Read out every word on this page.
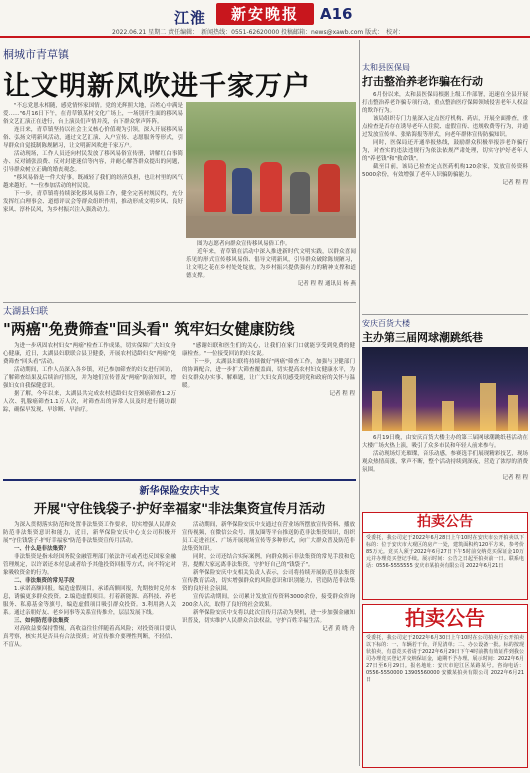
江淮	新安晚报	A16
2022.06.21 星期二 责任编辑：　新闻热线：0551-62620000 投稿邮箱：news@xawb.com 版式：　校对：
桐城市青草镇
让文明新风吹进千家万户

"不忘党恩永相随，感党情怀家国情。党的光辉照大地，百姓心中满是爱……"6月16日下午，在青草镇某村文化广场上，一场别开生面的移风易俗文艺汇演正在进行，台上演员们声情并茂，台下群众掌声阵阵。

连日来，青草镇坚持以社会主义核心价值观为引领，深入开展移风易俗、弘扬文明新风活动，通过文艺汇演、入户宣传、志愿服务等形式，引导群众自觉抵制陈规陋习，让文明新风吹进千家万户。

活动现场，工作人员还向村民发放了移风易俗宣传册，讲解红白事简办、反对铺张浪费、反对封建迷信等内容，并耐心解答群众提出的问题，引导群众树立正确的婚丧观念。

"移风易俗是一件大好事，既减轻了我们的经济负担，也让村里的风气越来越好。"一位参加活动的村民说。

下一步，青草镇将持续深化移风易俗工作，健全完善村规民约，充分发挥红白理事会、道德评议会等群众组织作用，推动形成文明乡风、良好家风、淳朴民风，为乡村振兴注入强劲动力。

图为志愿者向群众宣传移风易俗工作。

近年来，青草镇在活动中深入推进新时代文明实践，以群众喜闻乐见的形式宣传移风易俗、倡导文明新风，引导群众破除陈规陋习，让文明之花在乡村处处绽放，为乡村振兴提供强有力的精神支撑和道德支撑。

记者 程 程 通讯员 杨 燕
太湖县妇联
"两癌"免费筛查"回头看" 筑牢妇女健康防线

为进一步巩固农村妇女"两癌"检查工作成果，切实保障广大妇女身心健康，近日，太湖县妇联联合县卫健委，开展农村适龄妇女"两癌"免费筛查"回头看"活动。

活动期间，工作人员深入各乡镇，对已参加筛查的妇女进行回访，了解筛查结果及后续治疗情况，并为她们宣传普及"两癌"防治知识，增强妇女自我保健意识。

据了解，今年以来，太湖县共完成农村适龄妇女宫颈癌筛查1.2万人次、乳腺癌筛查1.1万人次，对筛查出的异常人员及时进行随访跟踪，确保早发现、早诊断、早治疗。

"感谢妇联和医生们的关心，让我们在家门口就能享受到免费的健康检查。"一位接受回访的妇女说。

下一步，太湖县妇联将持续做好"两癌"筛查工作，加强与卫健部门的协调配合，进一步扩大筛查覆盖面，切实提高农村妇女健康水平，为妇女群众办实事、解难题，让广大妇女真切感受到党和政府的关怀与温暖。

记者 程 程
新华保险安庆中支
开展"守住钱袋子·护好幸福家"非法集资宣传月活动

为深入贯彻落实防范和处置非法集资工作要求，切实增强人民群众防范非法集资意识和能力，近日，新华保险安庆中心支公司积极开展"守住钱袋子·护好幸福家"防范非法集资宣传月活动。

一、什么是非法集资？

非法集资是指未经国务院金融管理部门依法许可或者违反国家金融管理规定，以许诺还本付息或者给予其他投资回报等方式，向不特定对象吸收资金的行为。

二、非法集资的常见手段

1.承诺高额回报。编造虚假项目，承诺高额回报，先期按时兑付本息，诱骗更多群众投资。2.编造虚假项目。打着新能源、高科技、养老服务、私募基金等旗号，编造虚假项目吸引群众投资。3.利用熟人关系。通过亲朋好友、老乡同事等关系宣传推介，层层发展下线。

三、如何防范非法集资

对高收益要保持警惕，高收益往往伴随着高风险；对投资项目要认真考察，核实其是否具有合法资质；对宣传推介要理性判断，不轻信、不盲从。

活动期间，新华保险安庆中支通过在营业场所摆放宣传资料、播放宣传视频，在微信公众号、朋友圈等平台推送防范非法集资知识，组织员工走进社区、广场开展现场宣传等多种形式，向广大群众普及防范非法集资知识。

同时，公司还结合实际案例，向群众揭示非法集资的常见手段和危害，提醒大家远离非法集资，守护好自己的"钱袋子"。

新华保险安庆中支相关负责人表示，公司将持续开展防范非法集资宣传教育活动，切实增强群众的风险意识和识别能力，营造防范非法集资的良好社会氛围。

宣传活动期间，公司累计发放宣传资料3000余份，接受群众咨询200余人次，取得了良好的社会效果。

新华保险安庆中支将以此次宣传月活动为契机，进一步加强金融知识普及，切实维护人民群众合法权益，守护百姓幸福生活。

记者 黄 晓 舟
太和县医保局
打击整治养老诈骗在行动

6月份以来，太和县医保局根据上级工作部署，迅速在全县开展打击整治养老诈骗专项行动，重点整治医疗保障领域侵害老年人权益的欺诈行为。

该局组织专门力量深入定点医疗机构、药店，开展全面排查，重点检查是否存在诱导老年人住院、虚假宣传、违规收费等行为，并通过发放宣传单、张贴海报等形式，向老年群体宣传防骗知识。

同时，医保局还开通举报热线，鼓励群众积极举报涉老诈骗行为，对查实的违法违规行为依法依规严肃处理，切实守护好老年人的"养老钱"和"救命钱"。

截至目前，该局已检查定点医药机构120余家，发放宣传资料5000余份，有效增强了老年人识骗防骗能力。

记者 程 程
安庆百货大楼
主办第三届网球潮跳纸巷

6月19日晚，由安庆百货大楼主办的第三届网球潮跳纸巷活动在大楼广场火热上演，吸引了众多市民和年轻人前来参与。

活动现场灯光璀璨，音乐动感，参赛选手们展现精彩技艺，现场观众热情高涨，掌声不断，整个活动持续到深夜，营造了浓厚的消费氛围。

记者 程 程
拍卖公告
受委托，我公司定于2022年6月28日上午10时在安庆市公开拍卖以下标的：位于安庆市大观区的房产一处，建筑面积约120平方米，参考价85万元。竞买人须于2022年6月27日下午5时前交纳竞买保证金10万元并办理竞买登记手续。展示时间：公告之日起至拍卖前一日。联系电话：0556-5555555 安庆市某拍卖有限公司 2022年6月21日
拍卖公告
受委托，我公司定于2022年6月30日上午10时在公司拍卖厅公开拍卖以下标的：一、车辆若干台，详见清单；二、办公设备一批。标的按现状拍卖，有意竞买者请于2022年6月29日下午4时前携有效证件到我公司办理竞买登记并交纳保证金，逾期不予办理。展示时间：2022年6月27日至6月29日。报名地址：安庆市迎江区某路某号。咨询电话：0556-5550000 13905560000 安徽某拍卖有限公司 2022年6月21日
